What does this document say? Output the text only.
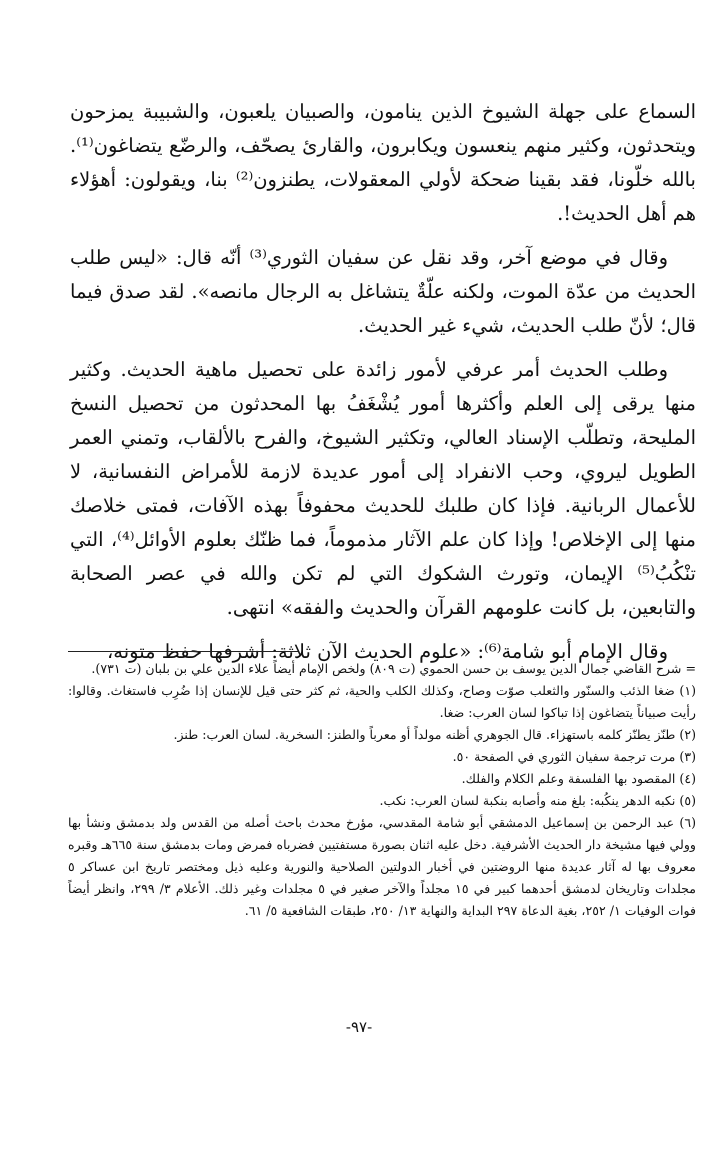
السماع على جهلة الشيوخ الذين ينامون، والصبيان يلعبون، والشبيبة يمزحون ويتحدثون، وكثير منهم ينعسون ويكابرون، والقارئ يصحّف، والرضّع يتضاغون⁽¹⁾. بالله خلّونا، فقد بقينا ضحكة لأولي المعقولات، يطنزون⁽²⁾ بنا، ويقولون: أهؤلاء هم أهل الحديث!.

وقال في موضع آخر، وقد نقل عن سفيان الثوري⁽³⁾ أنّه قال: «ليس طلب الحديث من عدّة الموت، ولكنه علّةٌ يتشاغل به الرجال مانصه». لقد صدق فيما قال؛ لأنّ طلب الحديث، شيء غير الحديث.

وطلب الحديث أمر عرفي لأمور زائدة على تحصيل ماهية الحديث. وكثير منها يرقى إلى العلم وأكثرها أمور يُشْغَفُ بها المحدثون من تحصيل النسخ المليحة، وتطلّب الإسناد العالي، وتكثير الشيوخ، والفرح بالألقاب، وتمني العمر الطويل ليروي، وحب الانفراد إلى أمور عديدة لازمة للأمراض النفسانية، لا للأعمال الربانية. فإذا كان طلبك للحديث محفوفاً بهذه الآفات، فمتى خلاصك منها إلى الإخلاص! وإذا كان علم الآثار مذموماً، فما ظنّك بعلوم الأوائل⁽⁴⁾، التي تنْكُبُ⁽⁵⁾ الإيمان، وتورث الشكوك التي لم تكن والله في عصر الصحابة والتابعين، بل كانت علومهم القرآن والحديث والفقه» انتهى.

وقال الإمام أبو شامة⁽⁶⁾: «علوم الحديث الآن ثلاثة: أشرفها حفظ متونه،

= شرح القاضي جمال الدين يوسف بن حسن الحموي (ت ٨٠٩) ولخص الإمام أيضاً علاء الدين علي بن بلبان (ت ٧٣١).

(١) ضغا الذئب والسنّور والثعلب صوّت وصاح، وكذلك الكلب والحية، ثم كثر حتى قيل للإنسان إذا ضُرِب فاستغاث. وقالوا: رأيت صبياناً يتضاغون إذا تباكوا لسان العرب: ضغا.

(٢) طنّز يطنّز كلمه باستهزاء. قال الجوهري أظنه مولداً أو معرباً والطنز: السخرية. لسان العرب: طنز.

(٣) مرت ترجمة سفيان الثوري في الصفحة ٥٠.

(٤) المقصود بها الفلسفة وعلم الكلام والفلك.

(٥) نكبه الدهر ينكُبه: بلغ منه وأصابه بنكبة لسان العرب: نكب.

(٦) عبد الرحمن بن إسماعيل الدمشقي أبو شامة المقدسي، مؤرخ محدث باحث أصله من القدس ولد بدمشق ونشأ بها وولي فيها مشيخة دار الحديث الأشرفية. دخل عليه اثنان بصورة مستفتيين فضرباه فمرض ومات بدمشق سنة ٦٦٥هـ وقبره معروف بها له آثار عديدة منها الروضتين في أخبار الدولتين الصلاحية والنورية وعليه ذيل ومختصر تاريخ ابن عساكر ٥ مجلدات وتاريخان لدمشق أحدهما كبير في ١٥ مجلداً والآخر صغير في ٥ مجلدات وغير ذلك. الأعلام ٣/ ٢٩٩، وانظر أيضاً فوات الوفيات ١/ ٢٥٢، بغية الدعاة ٢٩٧ البداية والنهاية ١٣/ ٢٥٠، طبقات الشافعية ٥/ ٦١.

-٩٧-
